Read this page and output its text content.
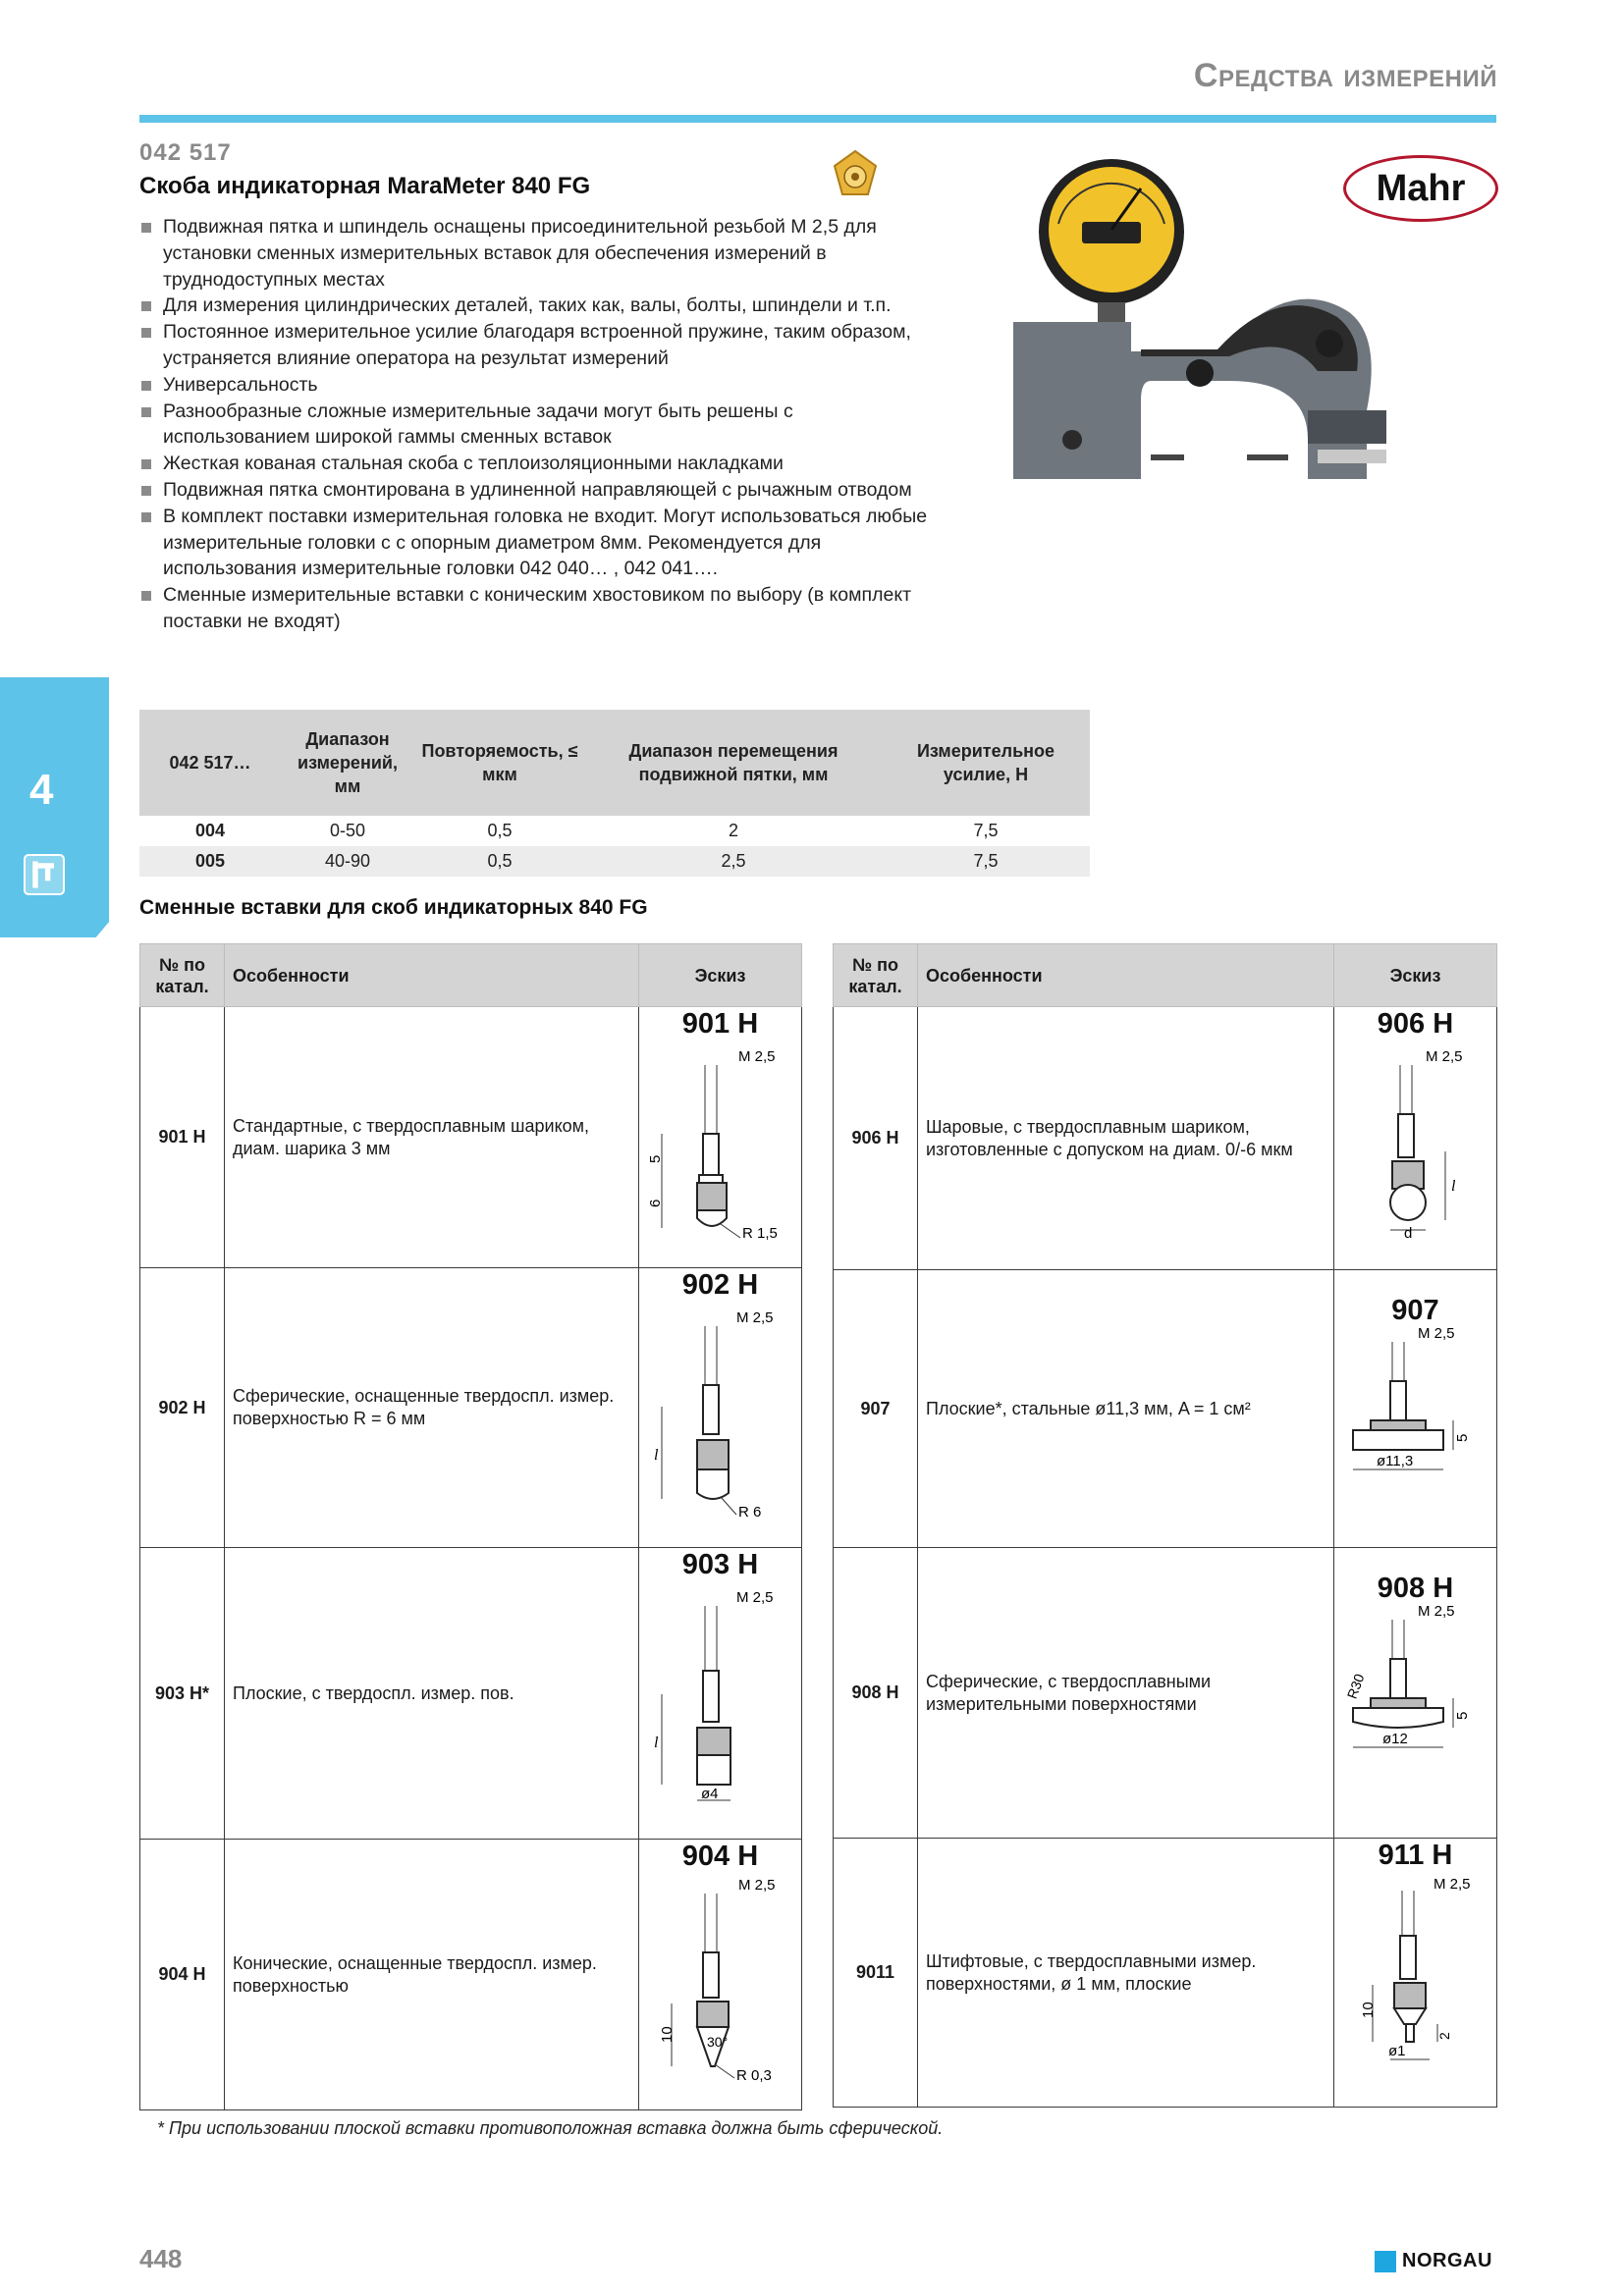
Средства измерений
042 517
Скоба индикаторная MaraMeter 840 FG	Mahr
Подвижная пятка и шпиндель оснащены присоединительной резьбой M 2,5 для установки сменных измерительных вставок для обеспечения измерений в труднодоступных местах
Для измерения цилиндрических деталей, таких как, валы, болты, шпиндели и т.п.
Постоянное измерительное усилие благодаря встроенной пружине, таким образом, устраняется влияние оператора на результат измерений
Универсальность
Разнообразные сложные измерительные задачи могут быть решены с использованием широкой гаммы сменных вставок
Жесткая кованая стальная скоба с теплоизоляционными накладками
Подвижная пятка смонтирована в удлиненной направляющей с рычажным отводом
В комплект поставки измерительная головка не входит. Могут использоваться любые измерительные головки с с опорным диаметром 8мм. Рекомендуется для использования измерительные головки 042 040… , 042 041….
Сменные измерительные вставки с коническим хвостовиком по выбору (в комплект поставки не входят)
4
042 517…	Диапазон измерений, мм	Повторяемость, ≤ мкм	Диапазон перемещения подвижной пятки, мм	Измерительное усилие, Н
004	0-50	0,5	2	7,5
005	40-90	0,5	2,5	7,5
Сменные вставки для скоб индикаторных 840 FG
№ по катал.	Особенности	Эскиз
901 H	Стандартные, с твердосплавным шариком, диам. шарика 3 мм	901 H
M 2,5
5
6
R 1,5

902 H	Сферические, оснащенные твердоспл. измер. поверхностью R = 6 мм	902 H
M 2,5
l
R 6

903 H*	Плоские, с твердоспл. измер. пов.	903 H
M 2,5
l
ø4

904 H	Конические, оснащенные твердоспл. измер. поверхностью	904 H
M 2,5
10 30°
R 0,3
№ по катал.	Особенности	Эскиз
906 H	Шаровые, с твердосплавным шариком, изготовленные с допуском на диам. 0/-6 мкм	906 H
M 2,5
l
d

907	Плоские*, стальные ø11,3 мм, A = 1 см²	907
M 2,5
5
ø11,3

908 H	Сферические, с твердосплавными измерительными поверхностями	908 H
M 2,5
R30
5
ø12

9011	Штифтовые, с твердосплавными измер. поверхностями, ø 1 мм, плоские	911 H
M 2,5
10
2
ø1
* При использовании плоской вставки противоположная вставка должна быть сферической.
448	NORGAU
